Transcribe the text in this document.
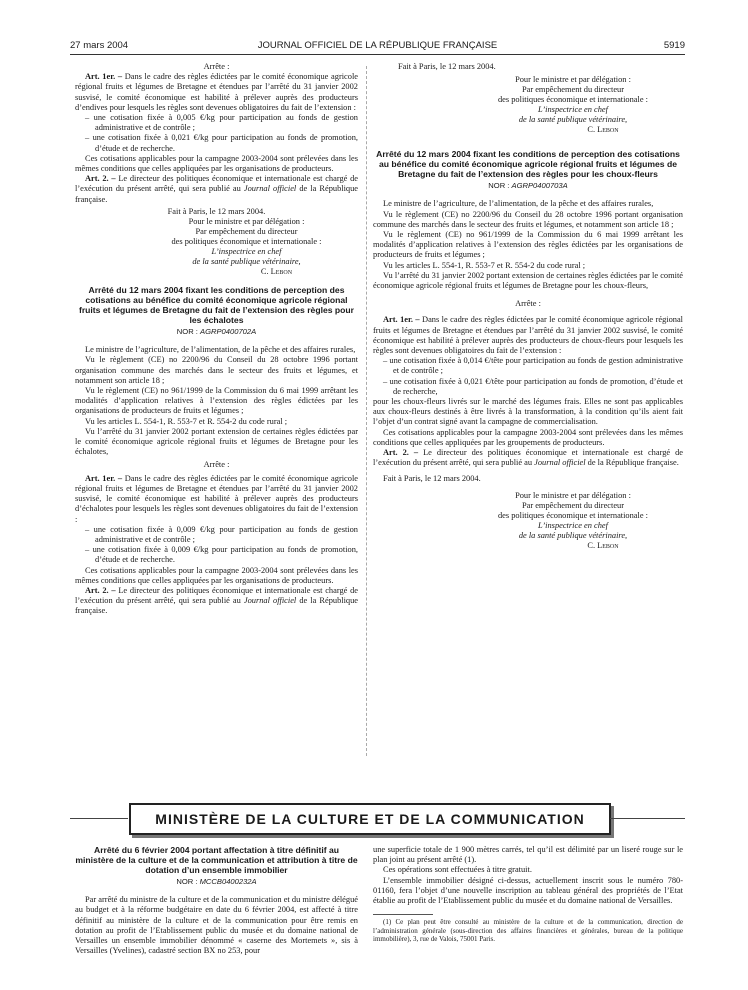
27 mars 2004	JOURNAL OFFICIEL DE LA RÉPUBLIQUE FRANÇAISE	5919

Arrête :

Art. 1er. – Dans le cadre des règles édictées par le comité économique agricole régional fruits et légumes de Bretagne et étendues par l’arrêté du 31 janvier 2002 susvisé, le comité économique est habilité à prélever auprès des producteurs d’endives pour lesquels les règles sont devenues obligatoires du fait de l’extension :

– une cotisation fixée à 0,005 €/kg pour participation au fonds de gestion administrative et de contrôle ;

– une cotisation fixée à 0,021 €/kg pour participation au fonds de promotion, d’étude et de recherche.

Ces cotisations applicables pour la campagne 2003-2004 sont prélevées dans les mêmes conditions que celles appliquées par les organisations de producteurs.

Art. 2. – Le directeur des politiques économique et internationale est chargé de l’exécution du présent arrêté, qui sera publié au Journal officiel de la République française.

Fait à Paris, le 12 mars 2004.

Pour le ministre et par délégation :
Par empêchement du directeur
des politiques économique et internationale :
L’inspectrice en chef
de la santé publique vétérinaire,
C. Lebon
Arrêté du 12 mars 2004 fixant les conditions de perception des cotisations au bénéfice du comité économique agricole régional fruits et légumes de Bretagne du fait de l’extension des règles pour les échalotes
NOR : AGRP0400702A

Le ministre de l’agriculture, de l’alimentation, de la pêche et des affaires rurales,

Vu le règlement (CE) no 2200/96 du Conseil du 28 octobre 1996 portant organisation commune des marchés dans le secteur des fruits et légumes, et notamment son article 18 ;

Vu le règlement (CE) no 961/1999 de la Commission du 6 mai 1999 arrêtant les modalités d’application relatives à l’extension des règles édictées par les organisations de producteurs de fruits et légumes ;

Vu les articles L. 554-1, R. 553-7 et R. 554-2 du code rural ;

Vu l’arrêté du 31 janvier 2002 portant extension de certaines règles édictées par le comité économique agricole régional fruits et légumes de Bretagne pour les échalotes,

Arrête :

Art. 1er. – Dans le cadre des règles édictées par le comité économique agricole régional fruits et légumes de Bretagne et étendues par l’arrêté du 31 janvier 2002 susvisé, le comité économique est habilité à prélever auprès des producteurs d’échalotes pour lesquels les règles sont devenues obligatoires du fait de l’extension :

– une cotisation fixée à 0,009 €/kg pour participation au fonds de gestion administrative et de contrôle ;

– une cotisation fixée à 0,009 €/kg pour participation au fonds de promotion, d’étude et de recherche.

Ces cotisations applicables pour la campagne 2003-2004 sont prélevées dans les mêmes conditions que celles appliquées par les organisations de producteurs.

Art. 2. – Le directeur des politiques économique et internationale est chargé de l’exécution du présent arrêté, qui sera publié au Journal officiel de la République française.

Fait à Paris, le 12 mars 2004.

Pour le ministre et par délégation :
Par empêchement du directeur
des politiques économique et internationale :
L’inspectrice en chef
de la santé publique vétérinaire,
C. Lebon
Arrêté du 12 mars 2004 fixant les conditions de perception des cotisations au bénéfice du comité économique agricole régional fruits et légumes de Bretagne du fait de l’extension des règles pour les choux-fleurs
NOR : AGRP0400703A

Le ministre de l’agriculture, de l’alimentation, de la pêche et des affaires rurales,

Vu le règlement (CE) no 2200/96 du Conseil du 28 octobre 1996 portant organisation commune des marchés dans le secteur des fruits et légumes, et notamment son article 18 ;

Vu le règlement (CE) no 961/1999 de la Commission du 6 mai 1999 arrêtant les modalités d’application relatives à l’extension des règles édictées par les organisations de producteurs de fruits et légumes ;

Vu les articles L. 554-1, R. 553-7 et R. 554-2 du code rural ;

Vu l’arrêté du 31 janvier 2002 portant extension de certaines règles édictées par le comité économique agricole régional fruits et légumes de Bretagne pour les choux-fleurs,

Arrête :

Art. 1er. – Dans le cadre des règles édictées par le comité économique agricole régional fruits et légumes de Bretagne et étendues par l’arrêté du 31 janvier 2002 susvisé, le comité économique est habilité à prélever auprès des producteurs de choux-fleurs pour lesquels les règles sont devenues obligatoires du fait de l’extension :

– une cotisation fixée à 0,014 €/tête pour participation au fonds de gestion administrative et de contrôle ;

– une cotisation fixée à 0,021 €/tête pour participation au fonds de promotion, d’étude et de recherche,

pour les choux-fleurs livrés sur le marché des légumes frais. Elles ne sont pas applicables aux choux-fleurs destinés à être livrés à la transformation, à la condition qu’ils aient fait l’objet d’un contrat signé avant la campagne de commercialisation.

Ces cotisations applicables pour la campagne 2003-2004 sont prélevées dans les mêmes conditions que celles appliquées par les groupements de producteurs.

Art. 2. – Le directeur des politiques économique et internationale est chargé de l’exécution du présent arrêté, qui sera publié au Journal officiel de la République française.

Fait à Paris, le 12 mars 2004.

Pour le ministre et par délégation :
Par empêchement du directeur
des politiques économique et internationale :
L’inspectrice en chef
de la santé publique vétérinaire,
C. Lebon
MINISTÈRE DE LA CULTURE ET DE LA COMMUNICATION
Arrêté du 6 février 2004 portant affectation à titre définitif au ministère de la culture et de la communication et attribution à titre de dotation d’un ensemble immobilier
NOR : MCCB0400232A

Par arrêté du ministre de la culture et de la communication et du ministre délégué au budget et à la réforme budgétaire en date du 6 février 2004, est affecté à titre définitif au ministère de la culture et de la communication pour être remis en dotation au profit de l’Etablissement public du musée et du domaine national de Versailles un ensemble immobilier dénommé « caserne des Mortemets », sis à Versailles (Yvelines), cadastré section BX no 253, pour

une superficie totale de 1 900 mètres carrés, tel qu’il est délimité par un liseré rouge sur le plan joint au présent arrêté (1).

Ces opérations sont effectuées à titre gratuit.

L’ensemble immobilier désigné ci-dessus, actuellement inscrit sous le numéro 780-01160, fera l’objet d’une nouvelle inscription au tableau général des propriétés de l’Etat établie au profit de l’Etablissement public du musée et du domaine national de Versailles.

(1) Ce plan peut être consulté au ministère de la culture et de la communication, direction de l’administration générale (sous-direction des affaires financières et générales, bureau de la politique immobilière), 3, rue de Valois, 75001 Paris.
